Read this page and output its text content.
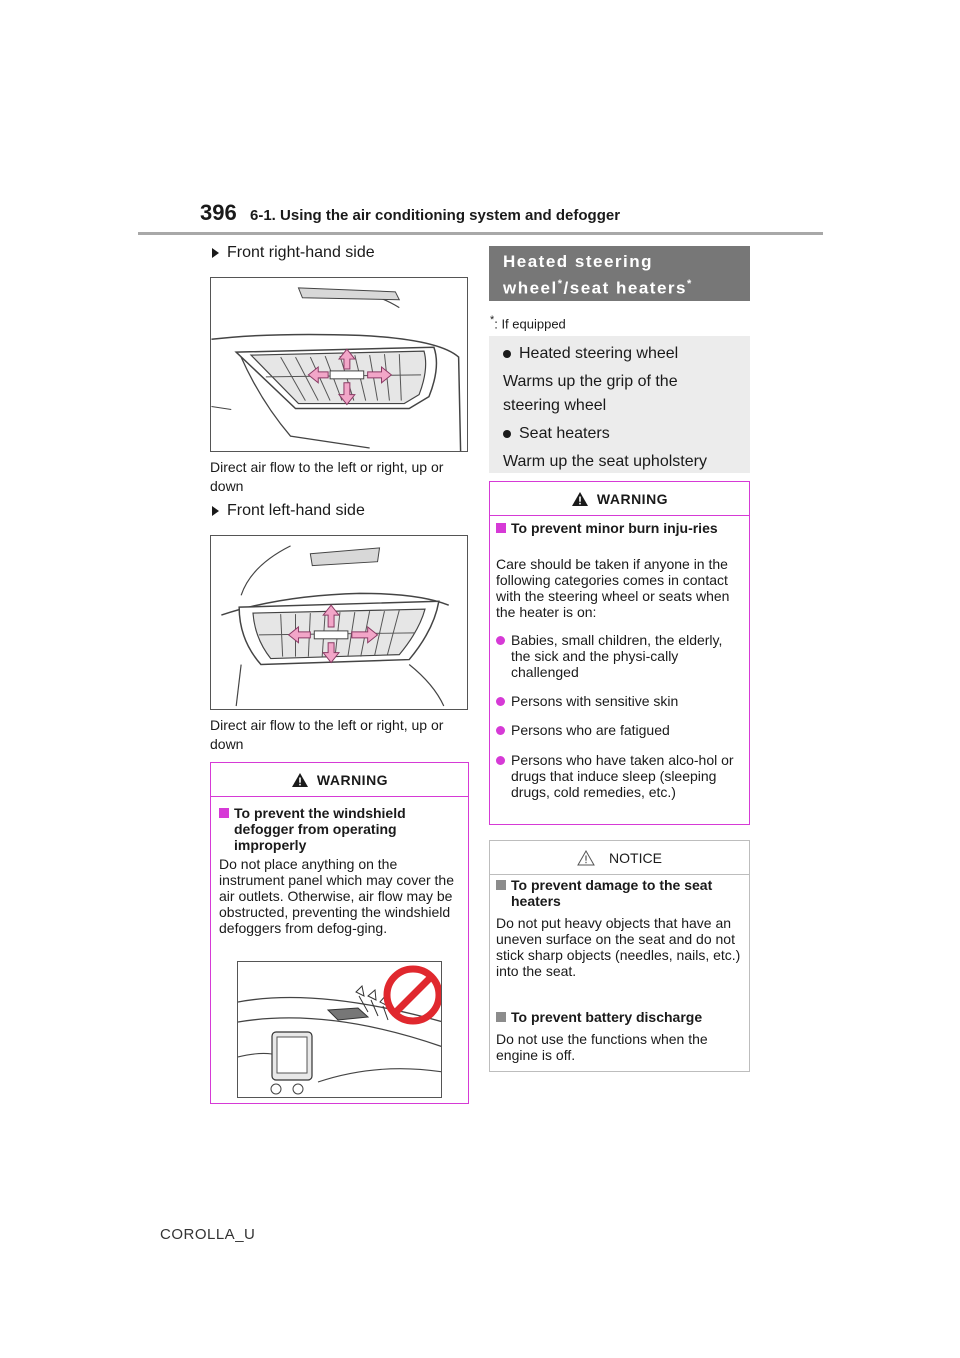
396 6-1. Using the air conditioning system and defogger
Front right-hand side
Direct air flow to the left or right, up or down
Front left-hand side
Direct air flow to the left or right, up or down
WARNING
To prevent the windshield defogger from operating improperly
Do not place anything on the instrument panel which may cover the air outlets. Otherwise, air flow may be obstructed, preventing the windshield defoggers from defog-ging.
Heated steering
wheel*/seat heaters*
*: If equipped
Heated steering wheel
Warms up the grip of the steering wheel
Seat heaters
Warm up the seat upholstery
WARNING
To prevent minor burn inju-ries
Care should be taken if anyone in the following categories comes in contact with the steering wheel or seats when the heater is on:
Babies, small children, the elderly, the sick and the physi-cally challenged
Persons with sensitive skin
Persons who are fatigued
Persons who have taken alco-hol or drugs that induce sleep (sleeping drugs, cold remedies, etc.)
NOTICE
To prevent damage to the seat heaters
Do not put heavy objects that have an uneven surface on the seat and do not stick sharp objects (needles, nails, etc.) into the seat.
To prevent battery discharge
Do not use the functions when the engine is off.
COROLLA_U
